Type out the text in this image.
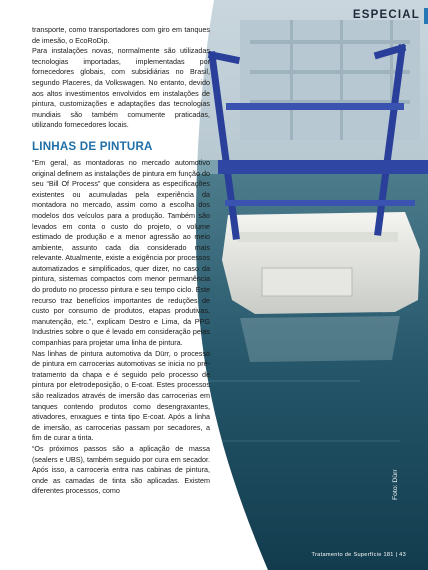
ESPECIAL

transporte, como transportadores com giro em tanques de imesão, o EcoRoDip.

Para instalações novas, normalmente são utilizadas tecnologias importadas, implementadas por fornecedores globais, com subsidiárias no Brasil, segundo Placeres, da Volkswagen. No entanto, devido aos altos investimentos envolvidos em instalações de pintura, customizações e adaptações das tecnologias mundiais são também comumente praticadas, utilizando fornecedores locais.

LINHAS DE PINTURA

“Em geral, as montadoras no mercado automotivo original definem as instalações de pintura em função do seu “Bill Of Process” que considera as especificações existentes ou acumuladas pela experiência da montadora no mercado, assim como a escolha dos modelos dos veículos para a produção. Também são levados em conta o custo do projeto, o volume estimado de produção e a menor agressão ao meio ambiente, assunto cada dia considerado mais relevante. Atualmente, existe a exigência por processos automatizados e simplificados, quer dizer, no caso da pintura, sistemas compactos com menor permanência do produto no processo pintura e seu tempo ciclo. Este recurso traz benefícios importantes de reduções de custo por consumo de produtos, etapas produtivas, manutenção, etc.”, explicam Destro e Lima, da PPG Industries sobre o que é levado em consideração pelas companhias para projetar uma linha de pintura.

Nas linhas de pintura automotiva da Dürr, o processo de pintura em carrocerias automotivas se inicia no pré-tratamento da chapa e é seguido pelo processo de pintura por eletrodeposição, o E-coat. Estes processos são realizados através de imersão das carrocerias em tanques contendo produtos como desengraxantes, ativadores, enxagues e tinta tipo E-coat. Após a linha de imersão, as carrocerias passam por secadores, a fim de curar a tinta.

“Os próximos passos são a aplicação de massa (sealers e UBS), também seguido por cura em secador. Após isso, a carroceria entra nas cabinas de pintura, onde as camadas de tinta são aplicadas. Existem diferentes processos, como	Foto: Dürr
Tratamento de Superfície 181 | 43
